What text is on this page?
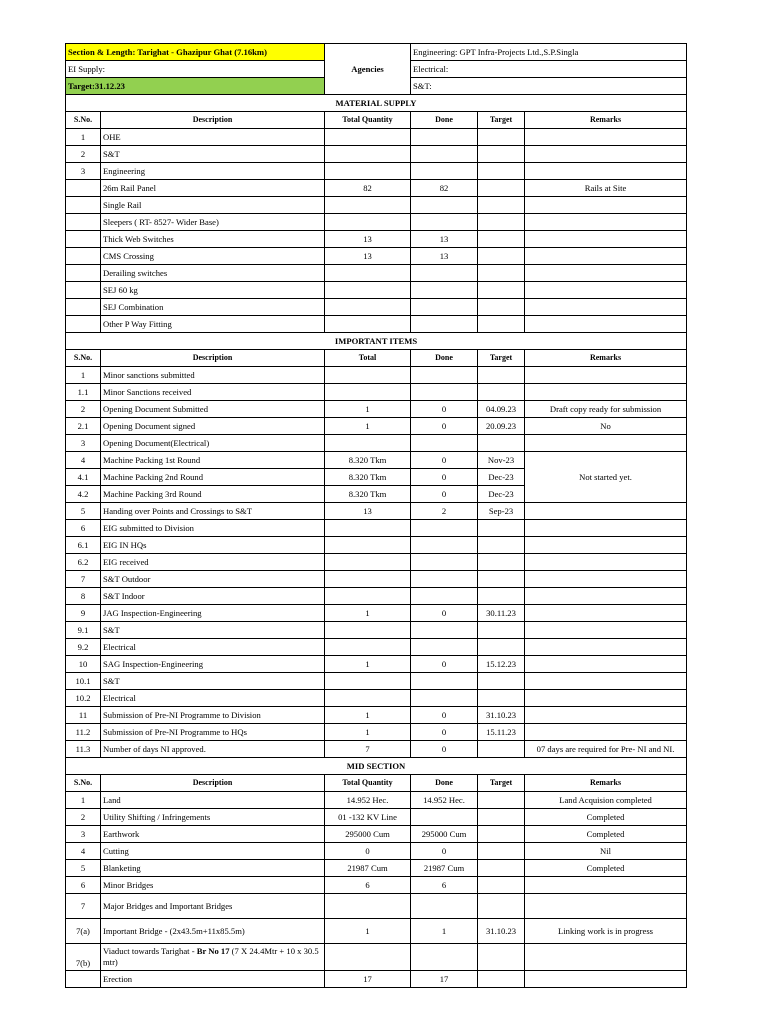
Section & Length: Tarighat - Ghazipur Ghat (7.16km)		Agencies	Engineering: GPT Infra-Projects Ltd.,S.P.Singla		
EI Supply:			Electrical:		
Target:31.12.23			S&T:		
MATERIAL SUPPLY					
S.No.	Description	Total Quantity	Done	Target	Remarks
1	OHE				
2	S&T				
3	Engineering				
	26m Rail Panel	82	82		Rails at Site
	Single Rail				
	Sleepers ( RT- 8527- Wider Base)				
	Thick Web Switches	13	13		
	CMS Crossing	13	13		
	Derailing switches				
	SEJ 60 kg				
	SEJ Combination				
	Other P Way Fitting				
IMPORTANT ITEMS					
S.No.	Description	Total	Done	Target	Remarks
1	Minor sanctions submitted				
1.1	Minor Sanctions received				
2	Opening Document Submitted	1	0	04.09.23	Draft copy ready for submission
2.1	Opening Document signed	1	0	20.09.23	No
3	Opening Document(Electrical)				
4	Machine Packing 1st Round	8.320 Tkm	0	Nov-23	Not started yet.
4.1	Machine Packing 2nd Round	8.320 Tkm	0	Dec-23	
4.2	Machine Packing 3rd Round	8.320 Tkm	0	Dec-23	
5	Handing over Points and Crossings to S&T	13	2	Sep-23	
6	EIG submitted to Division				
6.1	EIG IN HQs				
6.2	EIG received				
7	S&T Outdoor				
8	S&T Indoor				
9	JAG Inspection-Engineering	1	0	30.11.23	
9.1	S&T				
9.2	Electrical				
10	SAG Inspection-Engineering	1	0	15.12.23	
10.1	S&T				
10.2	Electrical				
11	Submission of Pre-NI Programme to Division	1	0	31.10.23	
11.2	Submission of Pre-NI Programme to HQs	1	0	15.11.23	
11.3	Number of days NI approved.	7	0		07 days are required for Pre- NI and NI.
MID SECTION					
S.No.	Description	Total Quantity	Done	Target	Remarks
1	Land	14.952 Hec.	14.952 Hec.		Land Acquision completed
2	Utility Shifting / Infringements	01 -132 KV Line			Completed
3	Earthwork	295000 Cum	295000 Cum		Completed
4	Cutting	0	0		Nil
5	Blanketing	21987 Cum	21987 Cum		Completed
6	Minor Bridges	6	6		
7	Major Bridges and Important Bridges				
7(a)	Important Bridge - (2x43.5m+11x85.5m)	1	1	31.10.23	Linking work is in progress
7(b)	Viaduct towards Tarighat - Br No 17 (7 X 24.4Mtr + 10 x 30.5 mtr)				
	Erection	17	17		
